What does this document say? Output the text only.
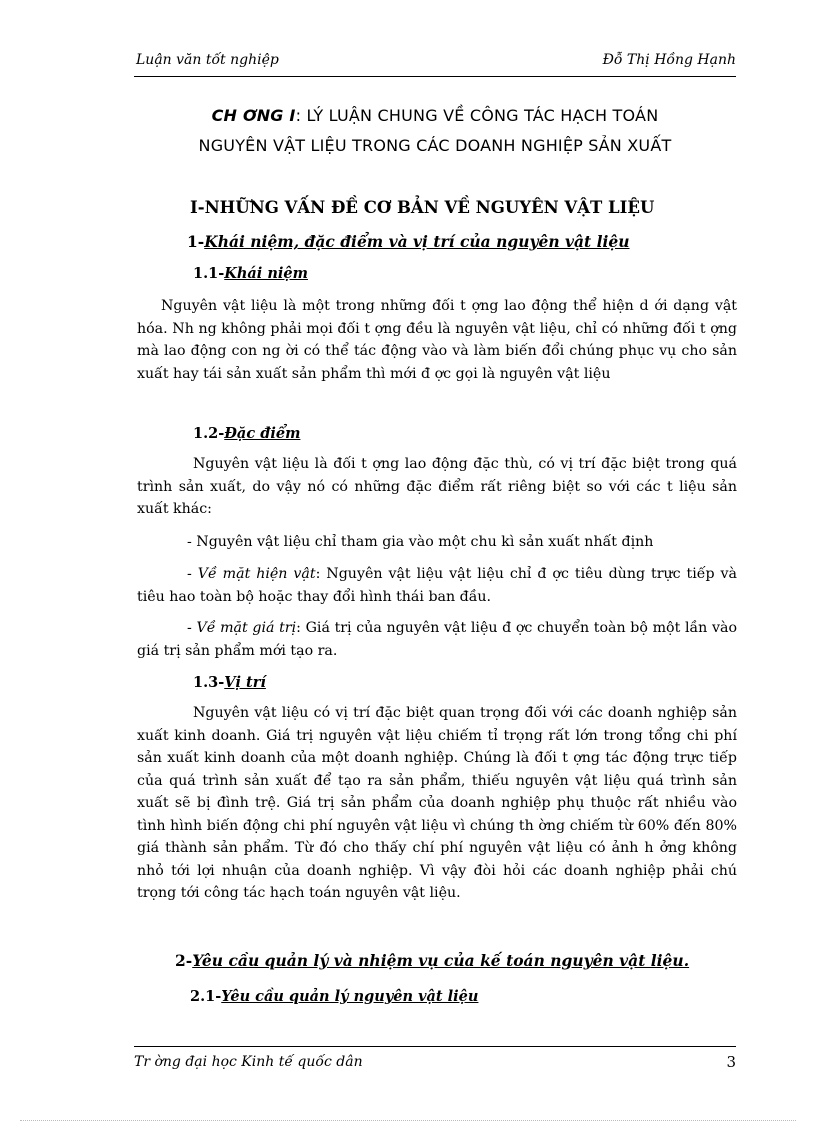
Luận văn tốt nghiệp	Đỗ Thị Hồng Hạnh
CH ƠNG I: LÝ LUẬN CHUNG VỀ CÔNG TÁC HẠCH TOÁN
NGUYÊN VẬT LIỆU TRONG CÁC DOANH NGHIỆP SẢN XUẤT
I-NHỮNG VẤN ĐỀ CƠ BẢN VỀ NGUYÊN VẬT LIỆU
1-Khái niệm, đặc điểm và vị trí của nguyên vật liệu
1.1-Khái niệm
Nguyên vật liệu là một trong những đối t ợng lao động thể hiện d ới dạng vật hóa. Nh ng không phải mọi đối t ợng đều là nguyên vật liệu, chỉ có những đối t ợng mà lao động con ng ời có thể tác động vào và làm biến đổi chúng phục vụ cho sản xuất hay tái sản xuất sản phẩm thì mới đ ợc gọi là nguyên vật liệu
1.2-Đặc điểm
Nguyên vật liệu là đối t ợng lao động đặc thù, có vị trí đặc biệt trong quá trình sản xuất, do vậy nó có những đặc điểm rất riêng biệt so với các t liệu sản xuất khác:
- Nguyên vật liệu chỉ tham gia vào một chu kì sản xuất nhất định
- Về mặt hiện vật: Nguyên vật liệu vật liệu chỉ đ ợc tiêu dùng trực tiếp và tiêu hao toàn bộ hoặc thay đổi hình thái ban đầu.
- Về mặt giá trị: Giá trị của nguyên vật liệu đ ợc chuyển toàn bộ một lần vào giá trị sản phẩm mới tạo ra.
1.3-Vị trí
Nguyên vật liệu có vị trí đặc biệt quan trọng đối với các doanh nghiệp sản xuất kinh doanh. Giá trị nguyên vật liệu chiếm tỉ trọng rất lớn trong tổng chi phí sản xuất kinh doanh của một doanh nghiệp. Chúng là đối t ợng tác động trực tiếp của quá trình sản xuất để tạo ra sản phẩm, thiếu nguyên vật liệu quá trình sản xuất sẽ bị đình trệ. Giá trị sản phẩm của doanh nghiệp phụ thuộc rất nhiều vào tình hình biến động chi phí nguyên vật liệu vì chúng th ờng chiếm từ 60% đến 80% giá thành sản phẩm. Từ đó cho thấy chí phí nguyên vật liệu có ảnh h ởng không nhỏ tới lợi nhuận của doanh nghiệp. Vì vậy đòi hỏi các doanh nghiệp phải chú trọng tới công tác hạch toán nguyên vật liệu.
2-Yêu cầu quản lý và nhiệm vụ của kế toán nguyên vật liệu.
2.1-Yêu cầu quản lý nguyên vật liệu
Tr ờng đại học Kinh tế quốc dân	3
